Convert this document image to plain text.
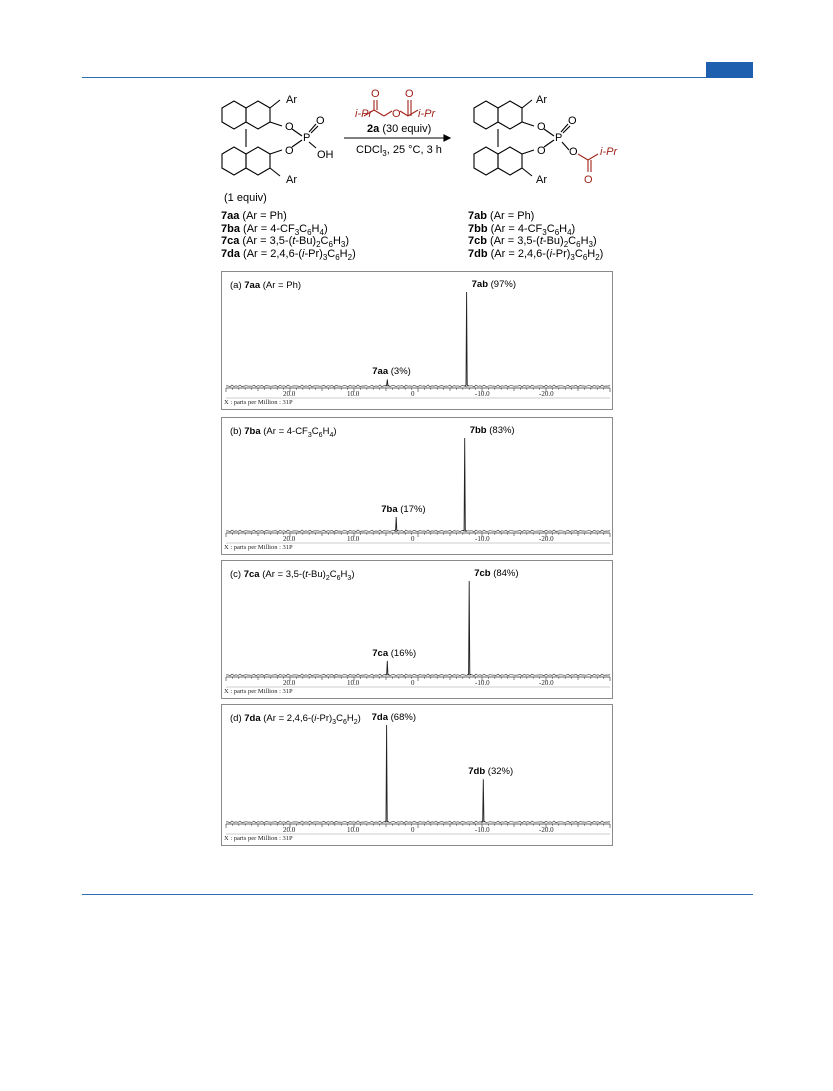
Ar
O
O
P
O
OH
Ar
(1 equiv)
i-Pr	i-Pr
O O
O
2a (30 equiv)
CDCl$_3$, 25 °C, 3 h
Ar
O
O
P
O
O
O
i-Pr
Ar
7aa (Ar = Ph)
7ba $(Ar = 4-CF_3C_6H_4)$
7ca $(Ar = 3,5-(t-Bu)_2C_6H_3)$
7da $(Ar = 2,4,6-(i-Pr)_3C_6H_2)$
7ab (Ar = Ph)
7bb $(Ar = 4-CF_3C_6H_4)$
7cb $(Ar = 3,5-(t-Bu)_2C_6H_3)$
7db $(Ar = 2,4,6-(i-Pr)_3C_6H_2)$
(a) 7aa (Ar = Ph)
7aa (3%)
7ab (97%)
20.0	10.0	0	-10.0	-20.0
X : parts per Million : 31P
(b) 7ba $(Ar = 4-CF_3C_6H_4)$
7ba (17%)
7bb (83%)
20.0	10.0	0	-10.0	-20.0
X : parts per Million : 31P
(c) 7ca $(Ar = 3,5-(t-Bu)_2C_6H_3)$
7ca (16%)
7cb (84%)
20.0	10.0	0	-10.0	-20.0
X : parts per Million : 31P
(d) 7da $(Ar = 2,4,6-(i-Pr)_3C_6H_2)$ 7da (68%)
7db (32%)
20.0	10.0	0	-10.0	-20.0
X : parts per Million : 31P
